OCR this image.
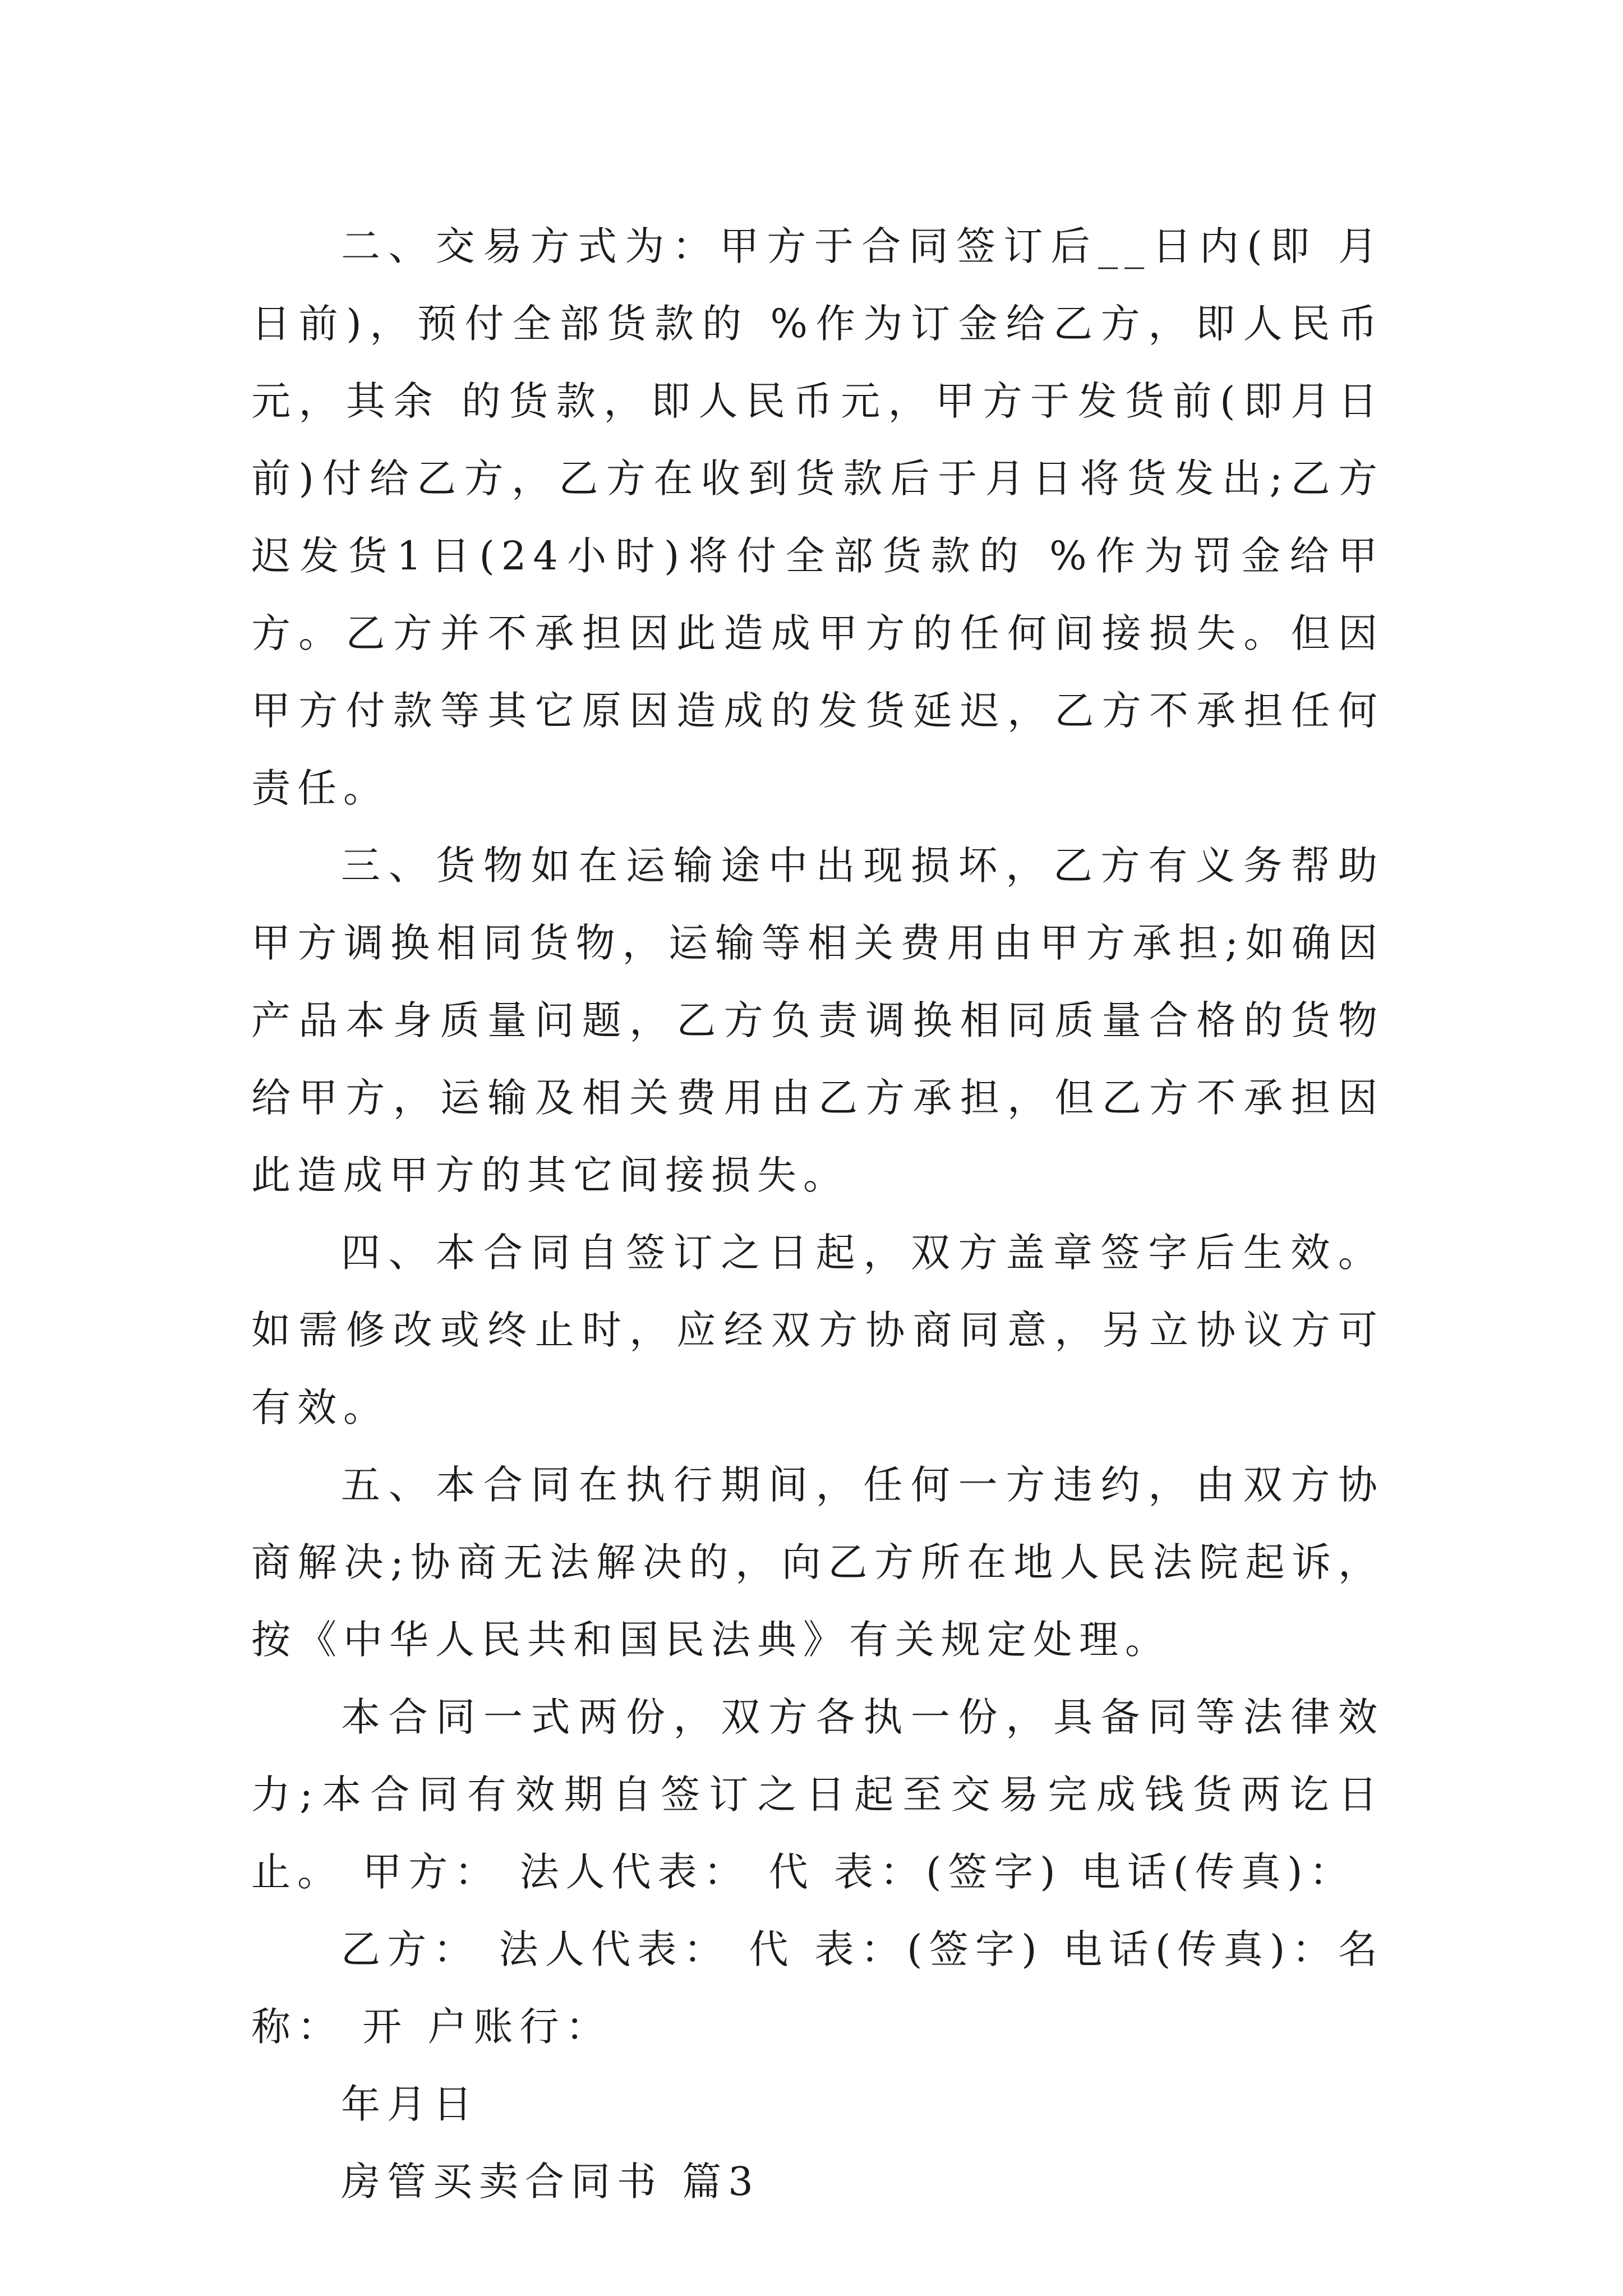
二、交易方式为：甲方于合同签订后__日内(即 月 日前)，预付全部货款的 %作为订金给乙方，即人民币元，其余 的货款，即人民币元，甲方于发货前(即月日前)付给乙方，乙方在收到货款后于月日将货发出;乙方迟发货1日(24小时)将付全部货款的 %作为罚金给甲方。乙方并不承担因此造成甲方的任何间接损失。但因甲方付款等其它原因造成的发货延迟，乙方不承担任何责任。

三、货物如在运输途中出现损坏，乙方有义务帮助甲方调换相同货物，运输等相关费用由甲方承担;如确因产品本身质量问题，乙方负责调换相同质量合格的货物给甲方，运输及相关费用由乙方承担，但乙方不承担因此造成甲方的其它间接损失。

四、本合同自签订之日起，双方盖章签字后生效。如需修改或终止时，应经双方协商同意，另立协议方可有效。

五、本合同在执行期间，任何一方违约，由双方协商解决;协商无法解决的，向乙方所在地人民法院起诉，按《中华人民共和国民法典》有关规定处理。

本合同一式两份，双方各执一份，具备同等法律效力;本合同有效期自签订之日起至交易完成钱货两讫日止。 甲方： 法人代表： 代 表：(签字) 电话(传真)：

乙方： 法人代表： 代 表：(签字) 电话(传真)：名称： 开 户账行：

年月日

房管买卖合同书 篇3
